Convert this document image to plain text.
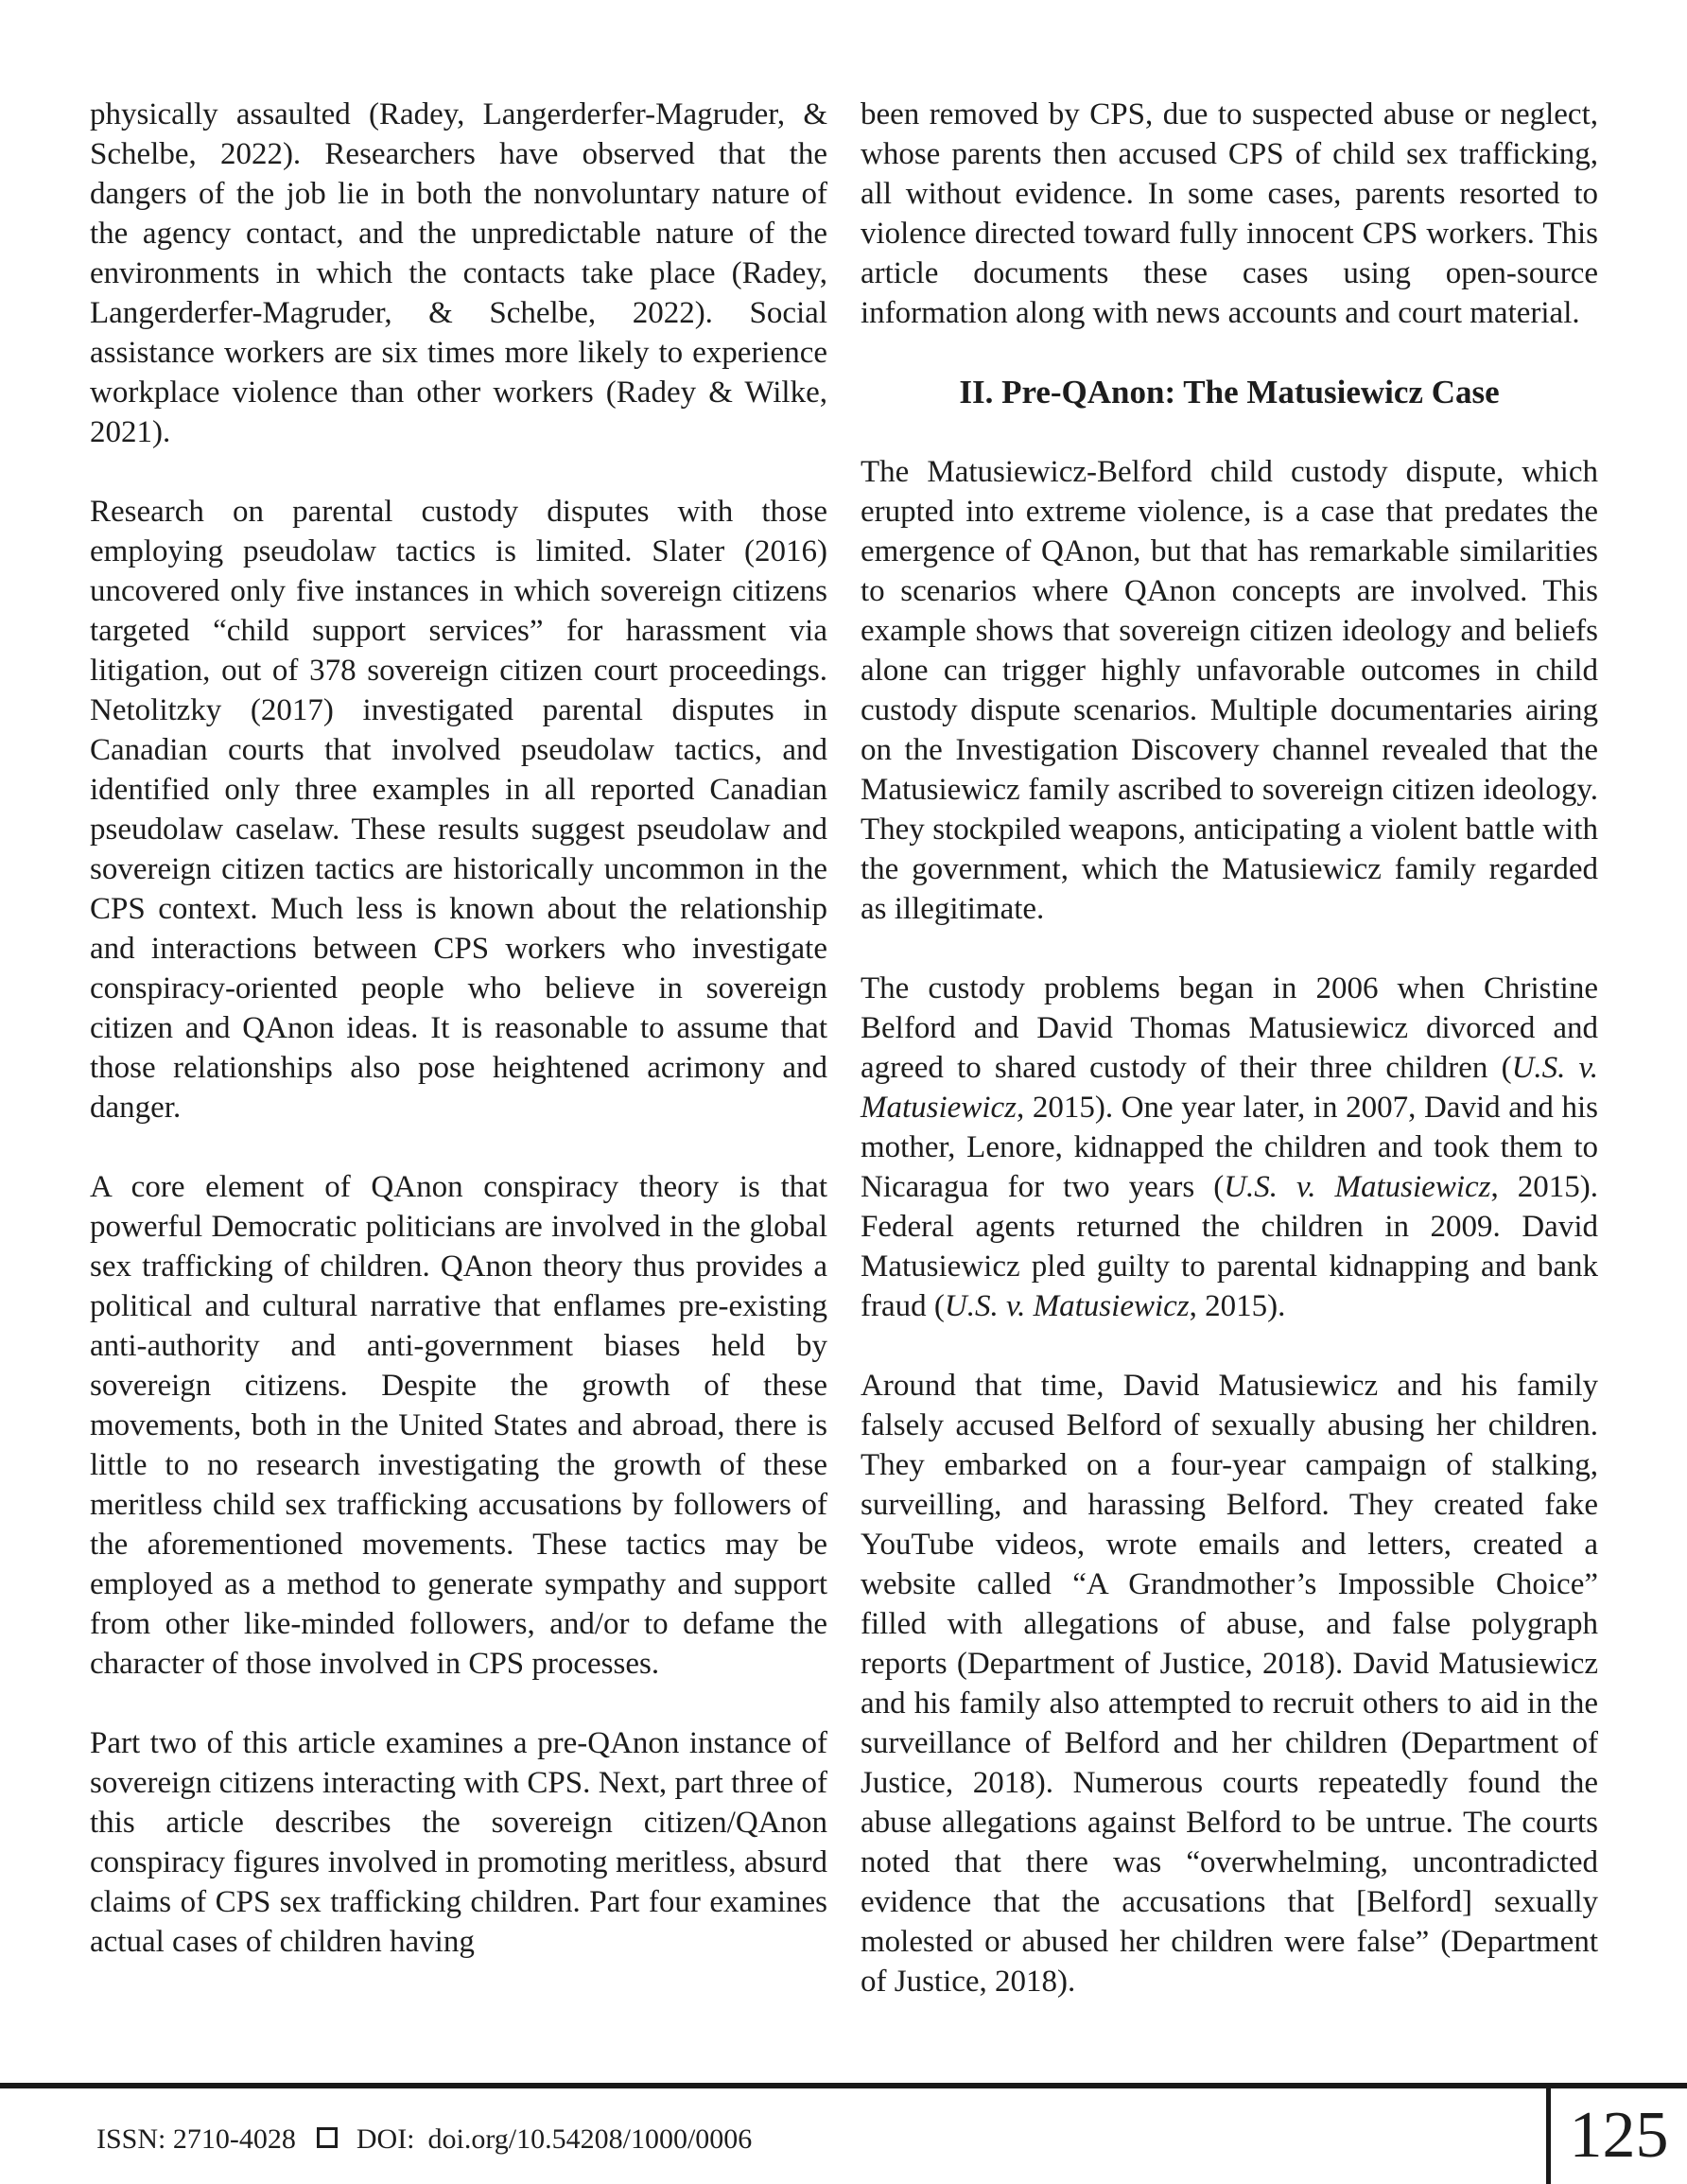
physically assaulted (Radey, Langerderfer-Magruder, & Schelbe, 2022). Researchers have observed that the dangers of the job lie in both the nonvoluntary nature of the agency contact, and the unpredictable nature of the environments in which the contacts take place (Radey, Langerderfer-Magruder, & Schelbe, 2022). Social assistance workers are six times more likely to experience workplace violence than other workers (Radey & Wilke, 2021).

Research on parental custody disputes with those employing pseudolaw tactics is limited. Slater (2016) uncovered only five instances in which sovereign citizens targeted “child support services” for harassment via litigation, out of 378 sovereign citizen court proceedings. Netolitzky (2017) investigated parental disputes in Canadian courts that involved pseudolaw tactics, and identified only three examples in all reported Canadian pseudolaw caselaw. These results suggest pseudolaw and sovereign citizen tactics are historically uncommon in the CPS context. Much less is known about the relationship and interactions between CPS workers who investigate conspiracy-oriented people who believe in sovereign citizen and QAnon ideas. It is reasonable to assume that those relationships also pose heightened acrimony and danger.

A core element of QAnon conspiracy theory is that powerful Democratic politicians are involved in the global sex trafficking of children. QAnon theory thus provides a political and cultural narrative that enflames pre-existing anti-authority and anti-government biases held by sovereign citizens. Despite the growth of these movements, both in the United States and abroad, there is little to no research investigating the growth of these meritless child sex trafficking accusations by followers of the aforementioned movements. These tactics may be employed as a method to generate sympathy and support from other like-minded followers, and/or to defame the character of those involved in CPS processes.

Part two of this article examines a pre-QAnon instance of sovereign citizens interacting with CPS. Next, part three of this article describes the sovereign citizen/QAnon conspiracy figures involved in promoting meritless, absurd claims of CPS sex trafficking children. Part four examines actual cases of children having

been removed by CPS, due to suspected abuse or neglect, whose parents then accused CPS of child sex trafficking, all without evidence. In some cases, parents resorted to violence directed toward fully innocent CPS workers. This article documents these cases using open-source information along with news accounts and court material.

II. Pre-QAnon: The Matusiewicz Case

The Matusiewicz-Belford child custody dispute, which erupted into extreme violence, is a case that predates the emergence of QAnon, but that has remarkable similarities to scenarios where QAnon concepts are involved. This example shows that sovereign citizen ideology and beliefs alone can trigger highly unfavorable outcomes in child custody dispute scenarios. Multiple documentaries airing on the Investigation Discovery channel revealed that the Matusiewicz family ascribed to sovereign citizen ideology. They stockpiled weapons, anticipating a violent battle with the government, which the Matusiewicz family regarded as illegitimate.

The custody problems began in 2006 when Christine Belford and David Thomas Matusiewicz divorced and agreed to shared custody of their three children (U.S. v. Matusiewicz, 2015). One year later, in 2007, David and his mother, Lenore, kidnapped the children and took them to Nicaragua for two years (U.S. v. Matusiewicz, 2015). Federal agents returned the children in 2009. David Matusiewicz pled guilty to parental kidnapping and bank fraud (U.S. v. Matusiewicz, 2015).

Around that time, David Matusiewicz and his family falsely accused Belford of sexually abusing her children. They embarked on a four-year campaign of stalking, surveilling, and harassing Belford. They created fake YouTube videos, wrote emails and letters, created a website called “A Grandmother’s Impossible Choice” filled with allegations of abuse, and false polygraph reports (Department of Justice, 2018). David Matusiewicz and his family also attempted to recruit others to aid in the surveillance of Belford and her children (Department of Justice, 2018). Numerous courts repeatedly found the abuse allegations against Belford to be untrue. The courts noted that there was “overwhelming, uncontradicted evidence that the accusations that [Belford] sexually molested or abused her children were false” (Department of Justice, 2018).

ISSN: 2710-4028 DOI: doi.org/10.54208/1000/0006	125
